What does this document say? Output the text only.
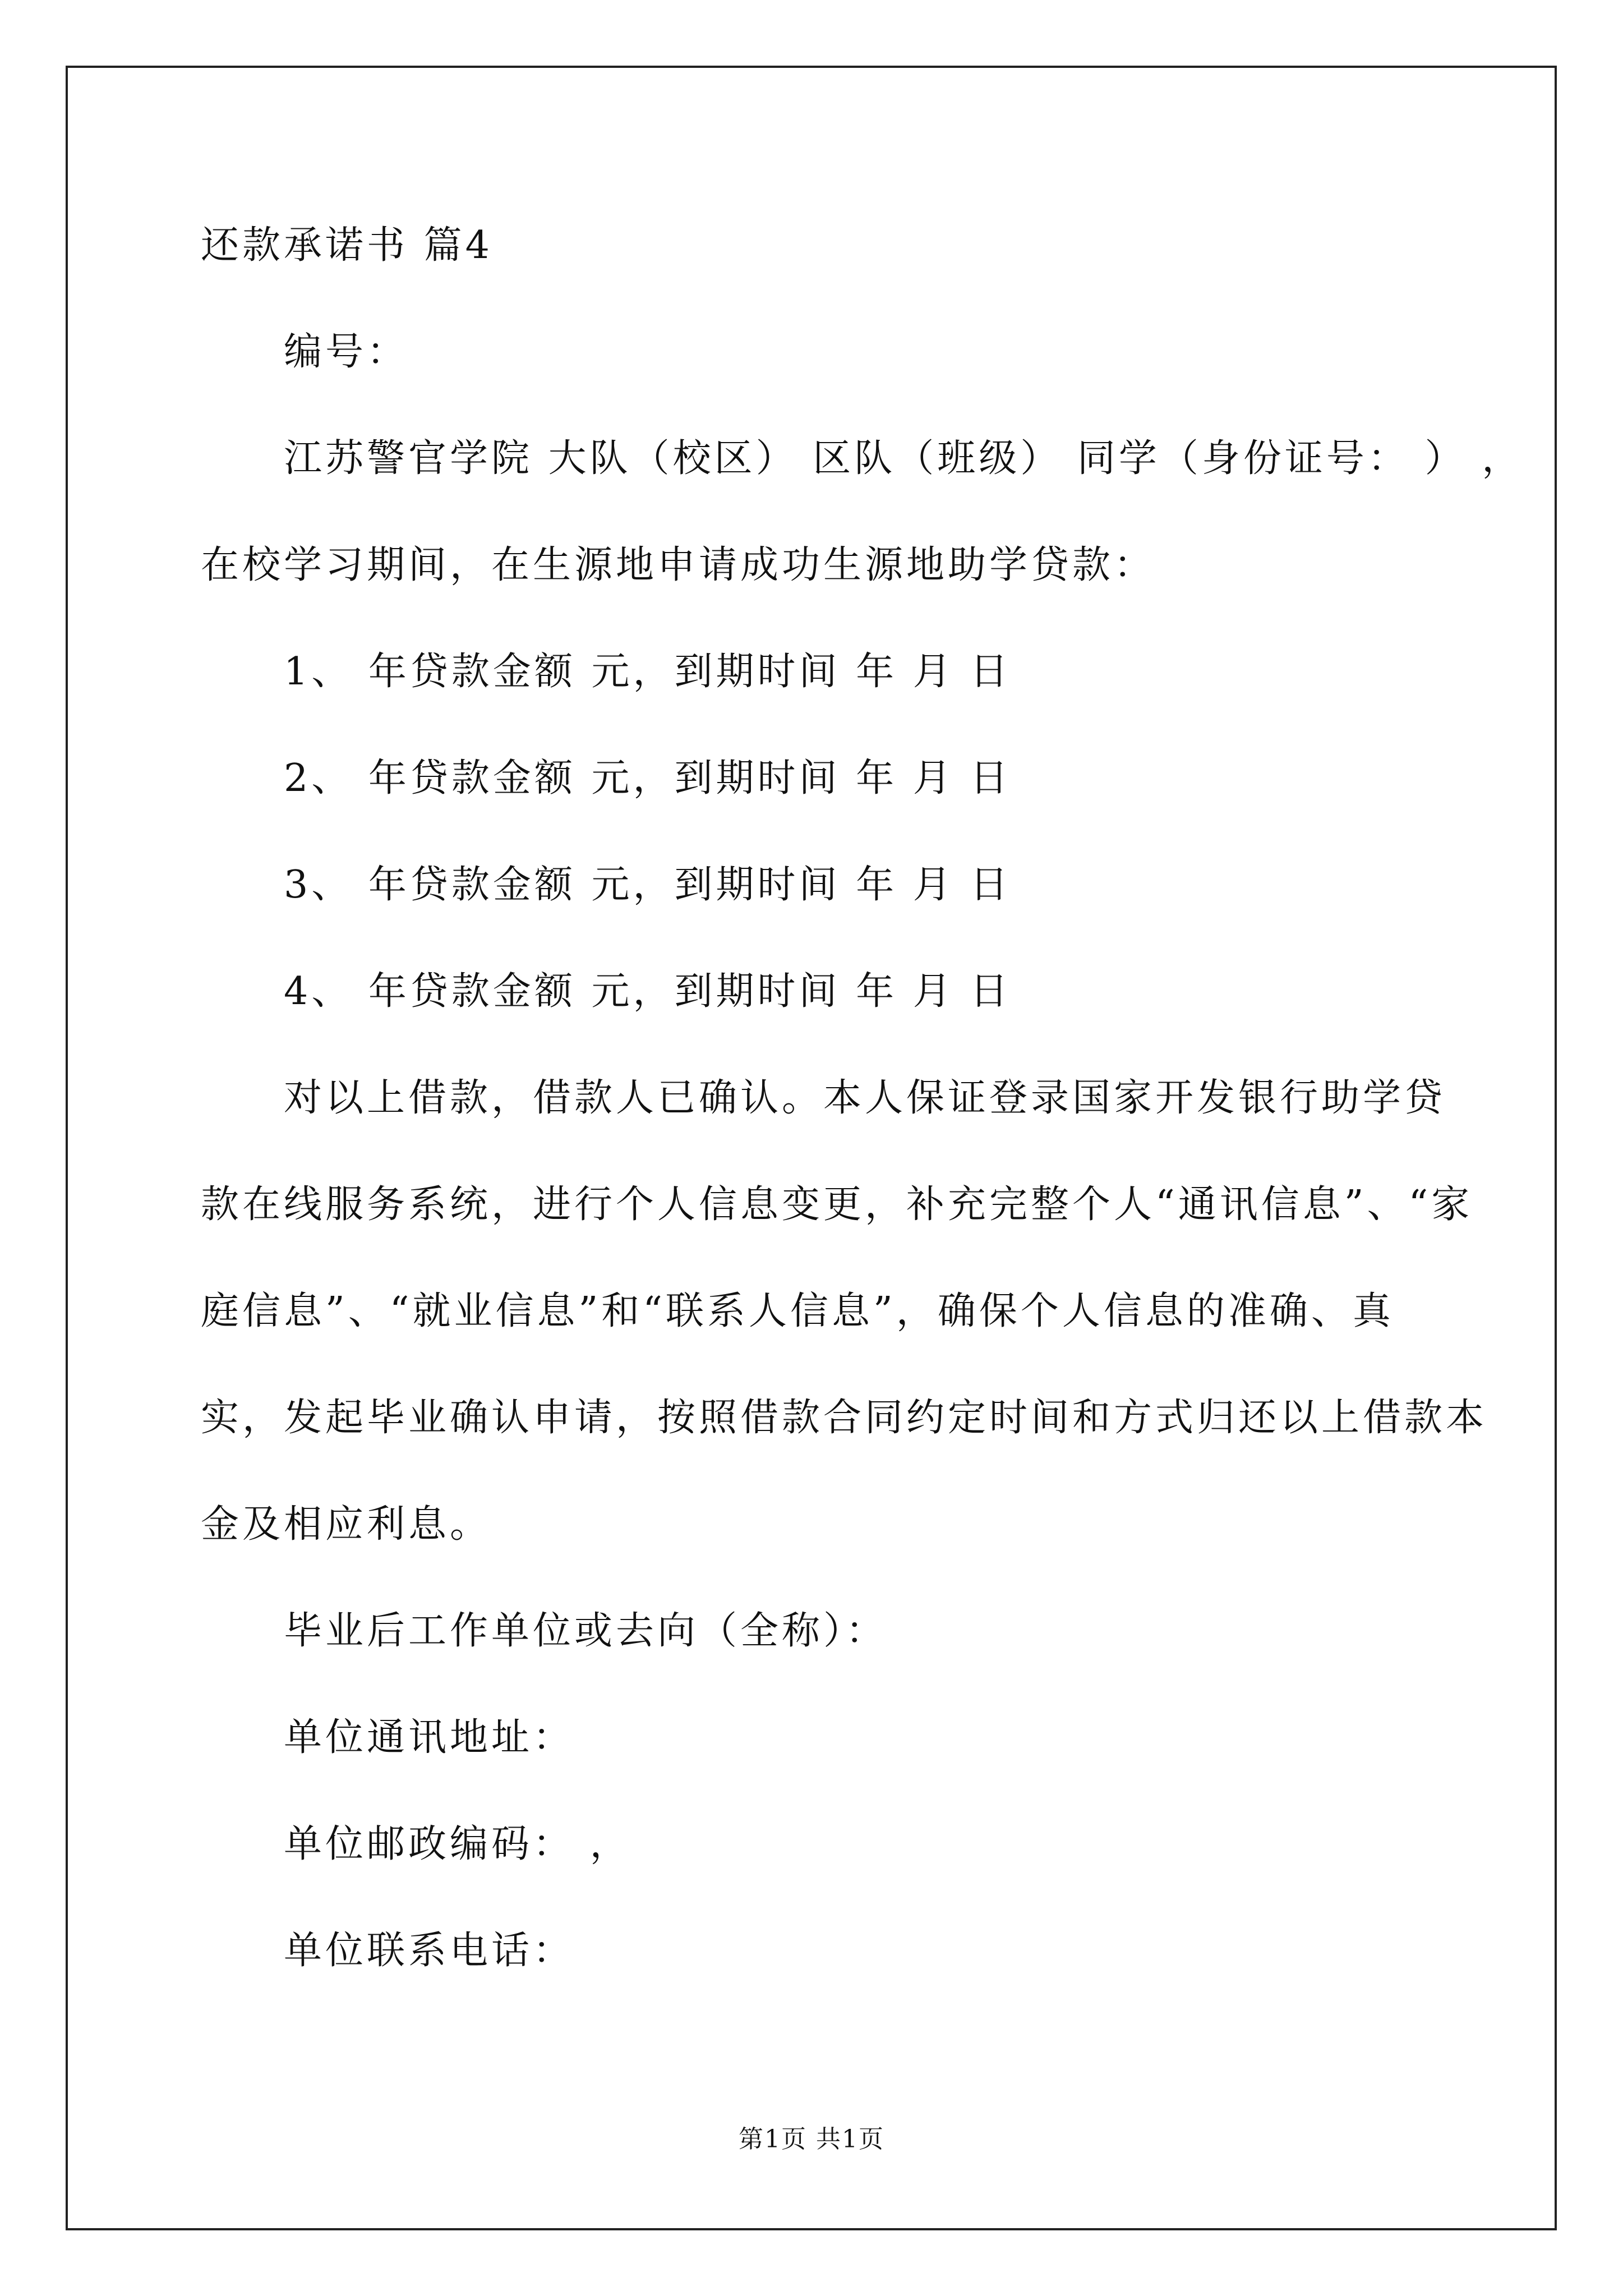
还款承诺书 篇4
编号：
江苏警官学院 大队（校区） 区队（班级） 同学（身份证号： ） ，
在校学习期间，在生源地申请成功生源地助学贷款：
1、 年贷款金额 元，到期时间 年 月 日
2、 年贷款金额 元，到期时间 年 月 日
3、 年贷款金额 元，到期时间 年 月 日
4、 年贷款金额 元，到期时间 年 月 日
对以上借款，借款人已确认。本人保证登录国家开发银行助学贷
款在线服务系统，进行个人信息变更，补充完整个人“通讯信息”、“家
庭信息”、“就业信息”和“联系人信息”，确保个人信息的准确、真
实，发起毕业确认申请，按照借款合同约定时间和方式归还以上借款本
金及相应利息。
毕业后工作单位或去向（全称）：
单位通讯地址：
单位邮政编码： ，
单位联系电话：
第1页 共1页
